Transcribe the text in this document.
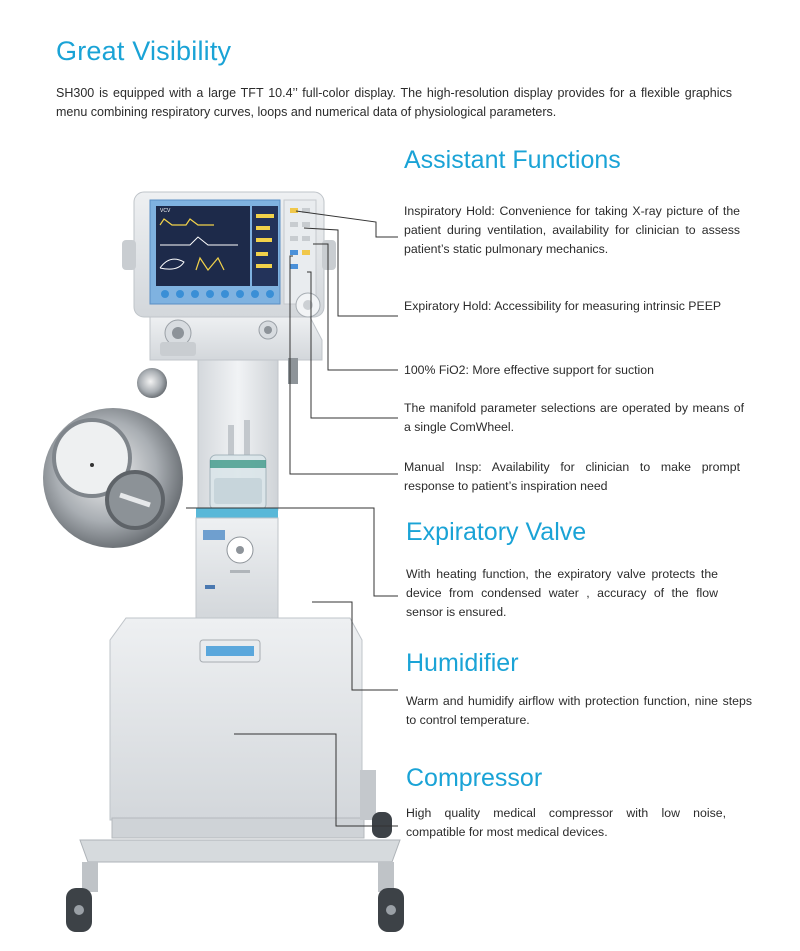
Great Visibility

SH300 is equipped with a large TFT 10.4’’ full-color display. The high-resolution display provides for a flexible graphics menu combining respiratory curves, loops and numerical data of physiological parameters.

VCV
Assistant Functions

Inspiratory Hold: Convenience for taking X-ray picture of the patient during ventilation, availability for clinician to assess patient’s static pulmonary mechanics.

Expiratory Hold: Accessibility for measuring intrinsic PEEP

100% FiO2: More effective support for suction

The manifold parameter selections are operated by means of a single ComWheel.

Manual Insp: Availability for clinician to make prompt response to patient’s inspiration need

Expiratory Valve

With heating function, the expiratory valve protects the device from condensed water , accuracy of the flow sensor is ensured.

Humidifier

Warm and humidify airflow with protection function, nine steps to control temperature.

Compressor

High quality medical compressor with low noise, compatible for most medical devices.
